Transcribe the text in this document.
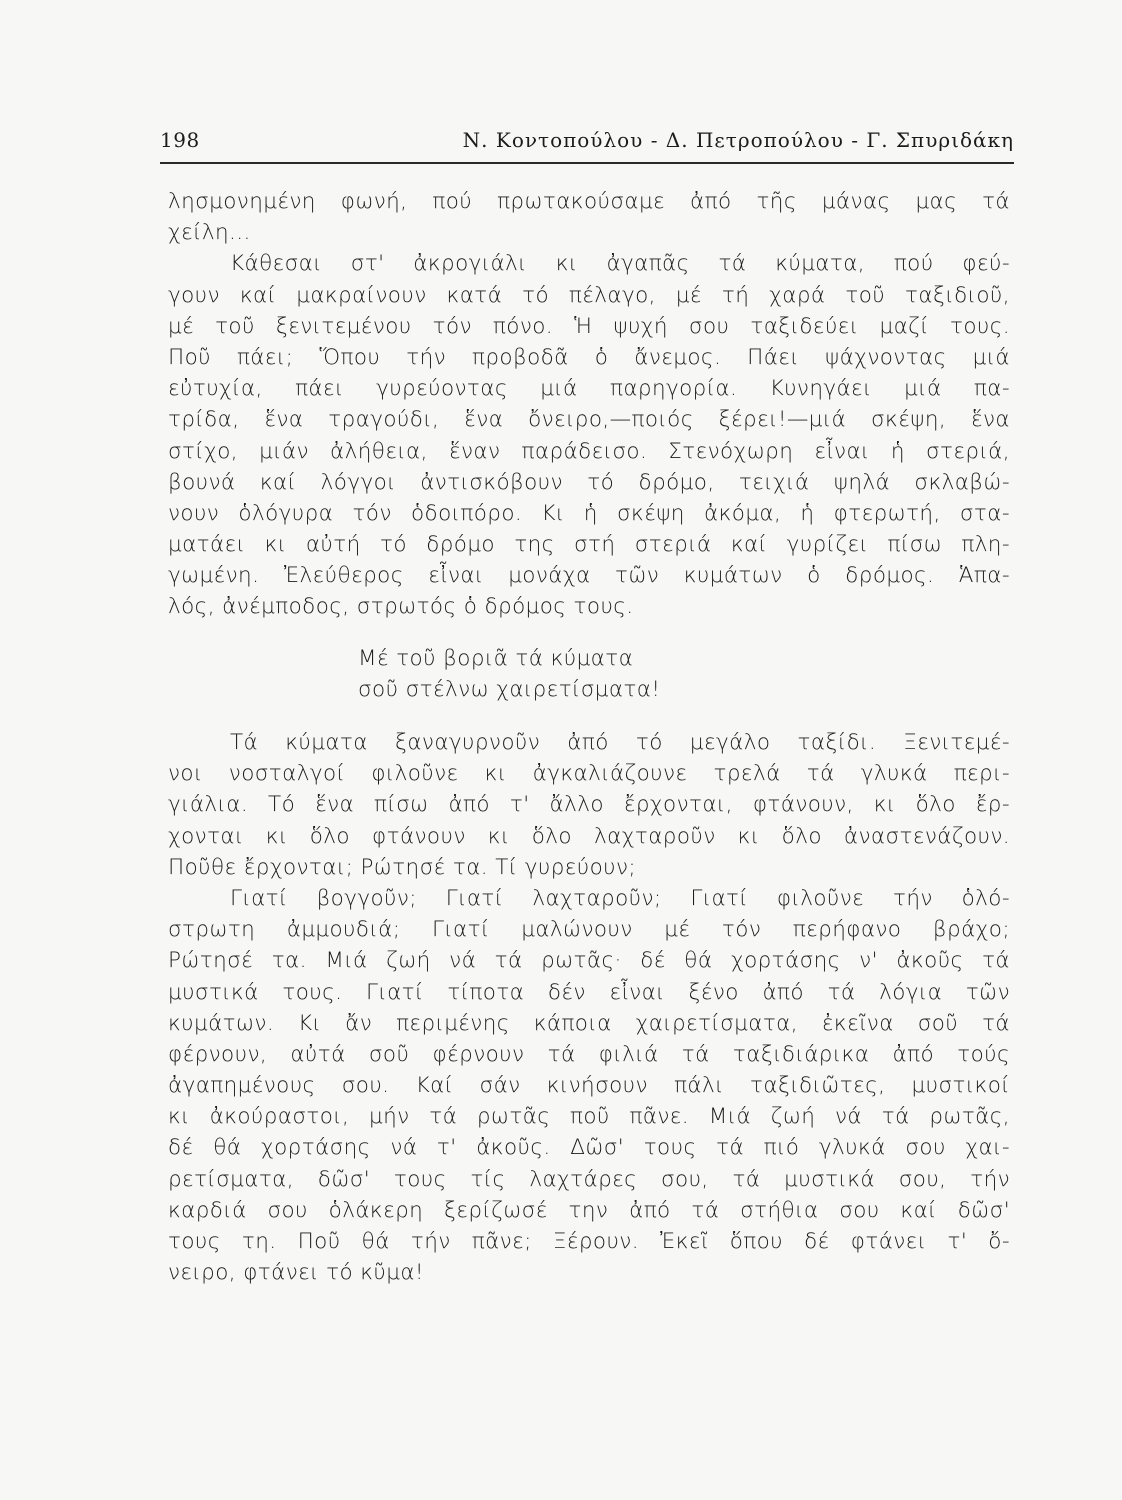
198	Ν. Κοντοπούλου - Δ. Πετροπούλου - Γ. Σπυριδάκη
λησμονημένη φωνή, πού πρωτακούσαμε ἀπό τῆς μάνας μας τά
χείλη...
Κάθεσαι στ' ἀκρογιάλι κι ἀγαπᾶς τά κύματα, πού φεύ-
γουν καί μακραίνουν κατά τό πέλαγο, μέ τή χαρά τοῦ ταξιδιοῦ,
μέ τοῦ ξενιτεμένου τόν πόνο. Ἡ ψυχή σου ταξιδεύει μαζί τους.
Ποῦ πάει; Ὅπου τήν προβοδᾶ ὁ ἄνεμος. Πάει ψάχνοντας μιά
εὐτυχία, πάει γυρεύοντας μιά παρηγορία. Κυνηγάει μιά πα-
τρίδα, ἕνα τραγούδι, ἕνα ὄνειρο,—ποιός ξέρει!—μιά σκέψη, ἕνα
στίχο, μιάν ἀλήθεια, ἕναν παράδεισο. Στενόχωρη εἶναι ἡ στεριά,
βουνά καί λόγγοι ἀντισκόβουν τό δρόμο, τειχιά ψηλά σκλαβώ-
νουν ὁλόγυρα τόν ὁδοιπόρο. Κι ἡ σκέψη ἀκόμα, ἡ φτερωτή, στα-
ματάει κι αὐτή τό δρόμο της στή στεριά καί γυρίζει πίσω πλη-
γωμένη. Ἐλεύθερος εἶναι μονάχα τῶν κυμάτων ὁ δρόμος. Ἁπα-
λός, ἀνέμποδος, στρωτός ὁ δρόμος τους.
Μέ τοῦ βοριᾶ τά κύματα
σοῦ στέλνω χαιρετίσματα!
Τά κύματα ξαναγυρνοῦν ἀπό τό μεγάλο ταξίδι. Ξενιτεμέ-
νοι νοσταλγοί φιλοῦνε κι ἀγκαλιάζουνε τρελά τά γλυκά περι-
γιάλια. Τό ἕνα πίσω ἀπό τ' ἄλλο ἔρχονται, φτάνουν, κι ὅλο ἔρ-
χονται κι ὅλο φτάνουν κι ὅλο λαχταροῦν κι ὅλο ἀναστενάζουν.
Ποῦθε ἔρχονται; Ρώτησέ τα. Τί γυρεύουν;
Γιατί βογγοῦν; Γιατί λαχταροῦν; Γιατί φιλοῦνε τήν ὁλό-
στρωτη ἀμμουδιά; Γιατί μαλώνουν μέ τόν περήφανο βράχο;
Ρώτησέ τα. Μιά ζωή νά τά ρωτᾶς· δέ θά χορτάσης ν' ἀκοῦς τά
μυστικά τους. Γιατί τίποτα δέν εἶναι ξένο ἀπό τά λόγια τῶν
κυμάτων. Κι ἄν περιμένης κάποια χαιρετίσματα, ἐκεῖνα σοῦ τά
φέρνουν, αὐτά σοῦ φέρνουν τά φιλιά τά ταξιδιάρικα ἀπό τούς
ἀγαπημένους σου. Καί σάν κινήσουν πάλι ταξιδιῶτες, μυστικοί
κι ἀκούραστοι, μήν τά ρωτᾶς ποῦ πᾶνε. Μιά ζωή νά τά ρωτᾶς,
δέ θά χορτάσης νά τ' ἀκοῦς. Δῶσ' τους τά πιό γλυκά σου χαι-
ρετίσματα, δῶσ' τους τίς λαχτάρες σου, τά μυστικά σου, τήν
καρδιά σου ὁλάκερη ξερίζωσέ την ἀπό τά στήθια σου καί δῶσ'
τους τη. Ποῦ θά τήν πᾶνε; Ξέρουν. Ἐκεῖ ὅπου δέ φτάνει τ' ὄ-
νειρο, φτάνει τό κῦμα!
